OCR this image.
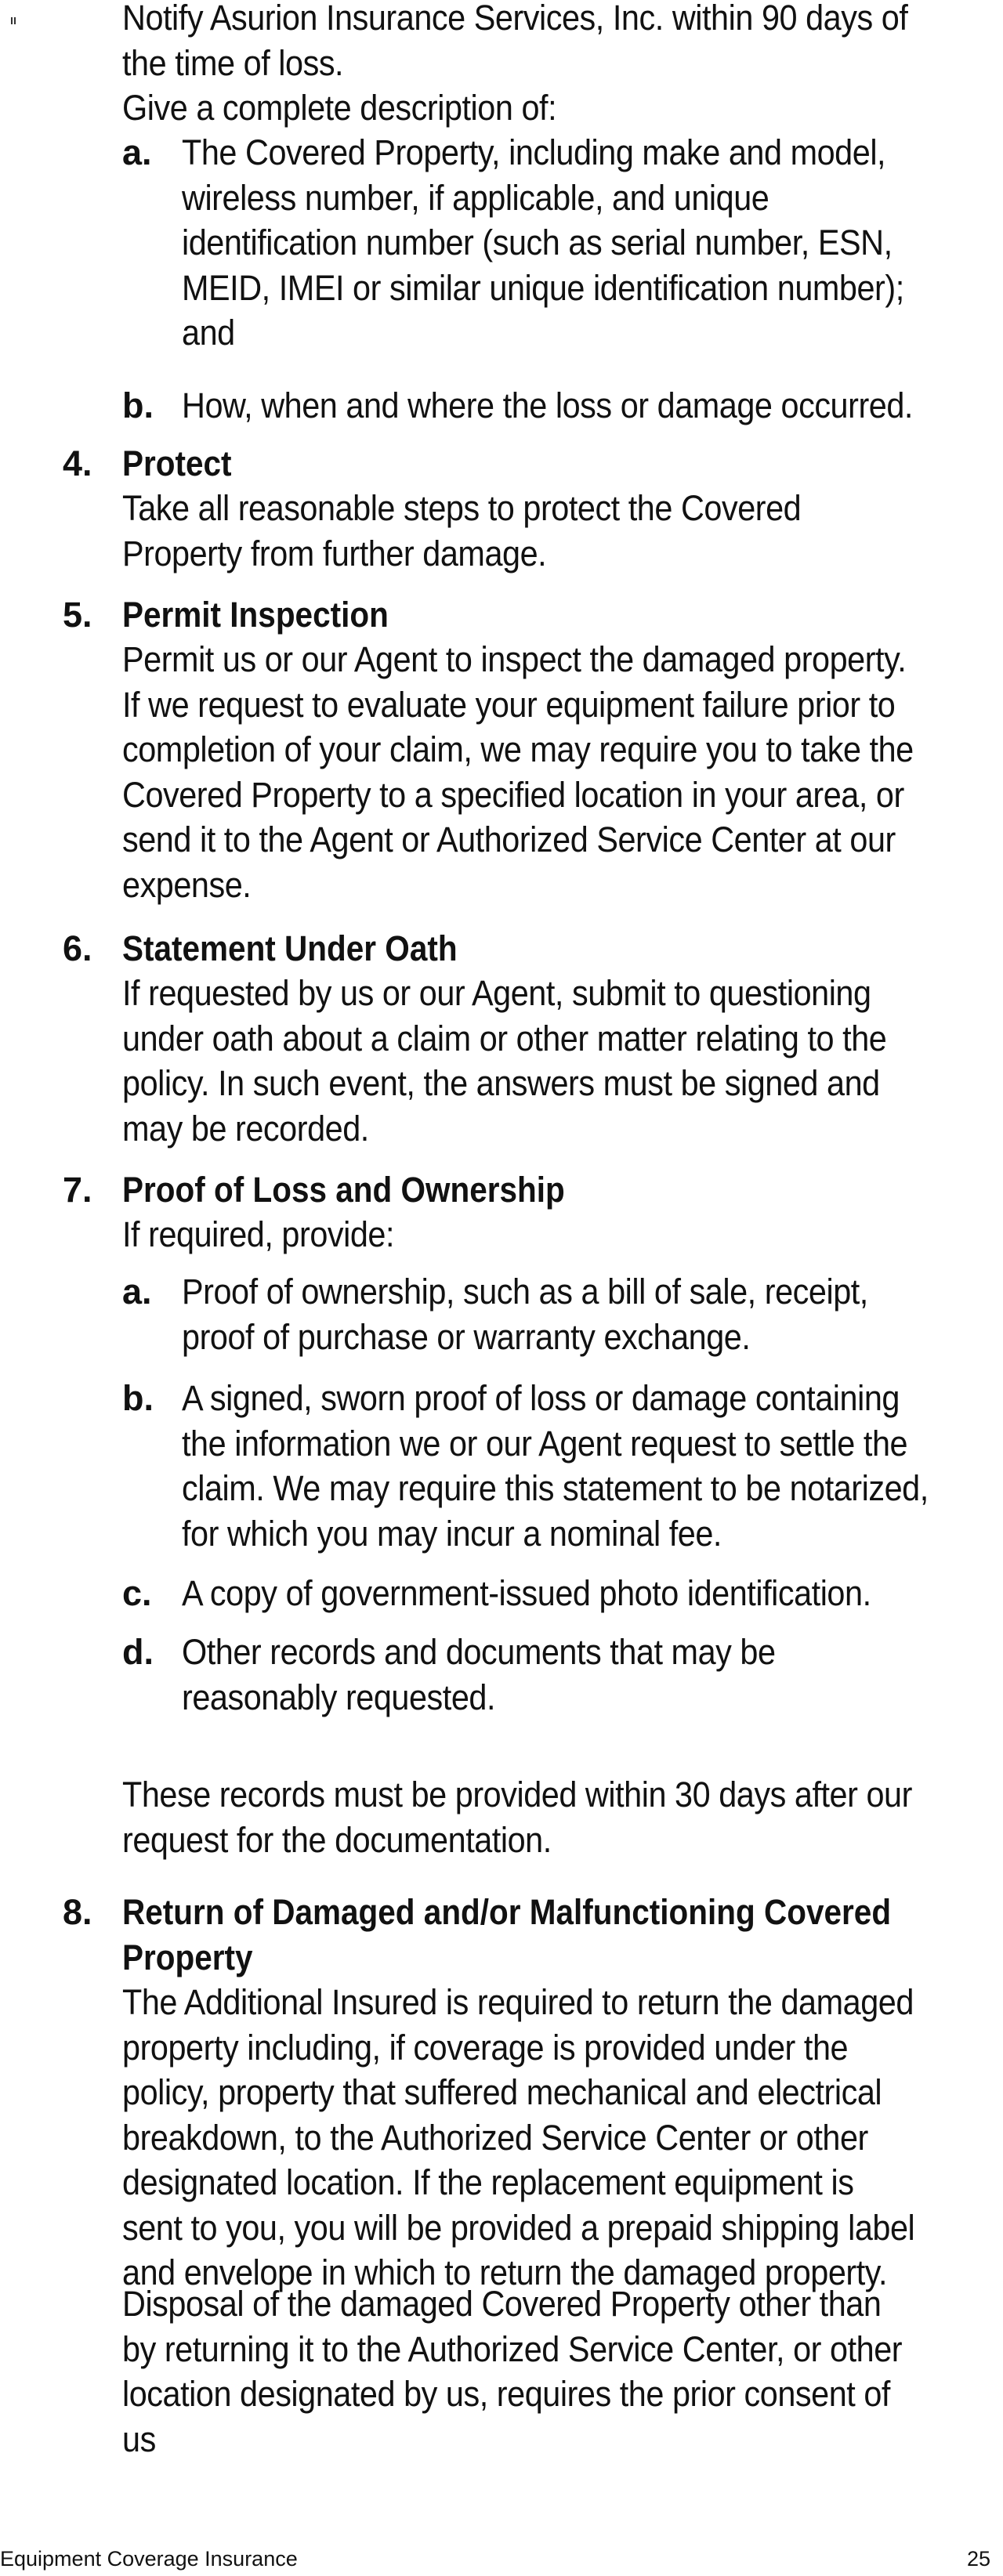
Notify Asurion Insurance Services, Inc. within 90 days of the time of loss.
Give a complete description of:
a. The Covered Property, including make and model, wireless number, if applicable, and unique identification number (such as serial number, ESN, MEID, IMEI or similar unique identification number); and
b. How, when and where the loss or damage occurred.
4. Protect
Take all reasonable steps to protect the Covered Property from further damage.
5. Permit Inspection
Permit us or our Agent to inspect the damaged property. If we request to evaluate your equipment failure prior to completion of your claim, we may require you to take the Covered Property to a specified location in your area, or send it to the Agent or Authorized Service Center at our expense.
6. Statement Under Oath
If requested by us or our Agent, submit to questioning under oath about a claim or other matter relating to the policy. In such event, the answers must be signed and may be recorded.
7. Proof of Loss and Ownership
If required, provide:
a. Proof of ownership, such as a bill of sale, receipt, proof of purchase or warranty exchange.
b. A signed, sworn proof of loss or damage containing the information we or our Agent request to settle the claim. We may require this statement to be notarized, for which you may incur a nominal fee.
c. A copy of government-issued photo identification.
d. Other records and documents that may be reasonably requested.
These records must be provided within 30 days after our request for the documentation.
8. Return of Damaged and/or Malfunctioning Covered Property
The Additional Insured is required to return the damaged property including, if coverage is provided under the policy, property that suffered mechanical and electrical breakdown, to the Authorized Service Center or other designated location. If the replacement equipment is sent to you, you will be provided a prepaid shipping label and envelope in which to return the damaged property.
Disposal of the damaged Covered Property other than by returning it to the Authorized Service Center, or other location designated by us, requires the prior consent of us
Equipment Coverage Insurance	25
